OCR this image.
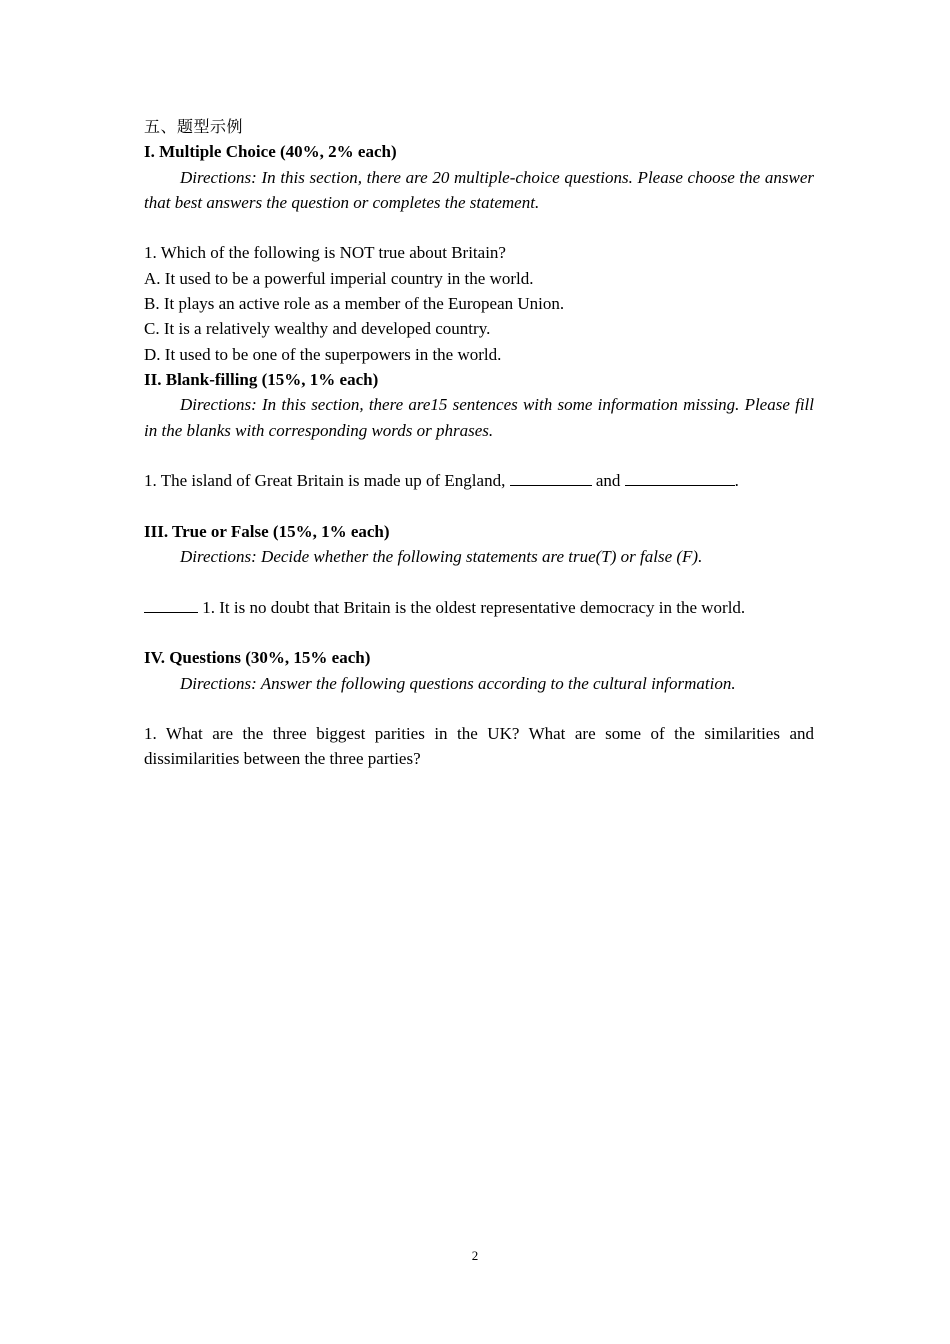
五、题型示例

I. Multiple Choice (40%, 2% each)

Directions: In this section, there are 20 multiple-choice questions. Please choose the answer that best answers the question or completes the statement.

1. Which of the following is NOT true about Britain?

A. It used to be a powerful imperial country in the world.

B. It plays an active role as a member of the European Union.

C. It is a relatively wealthy and developed country.

D. It used to be one of the superpowers in the world.

II. Blank-filling (15%, 1% each)

Directions: In this section, there are15 sentences with some information missing. Please fill in the blanks with corresponding words or phrases.

1. The island of Great Britain is made up of England,	and	.

III. True or False (15%, 1% each)

Directions: Decide whether the following statements are true(T) or false (F).

1. It is no doubt that Britain is the oldest representative democracy in the world.

IV. Questions (30%, 15% each)

Directions: Answer the following questions according to the cultural information.

1. What are the three biggest parities in the UK? What are some of the similarities and dissimilarities between the three parties?

2
